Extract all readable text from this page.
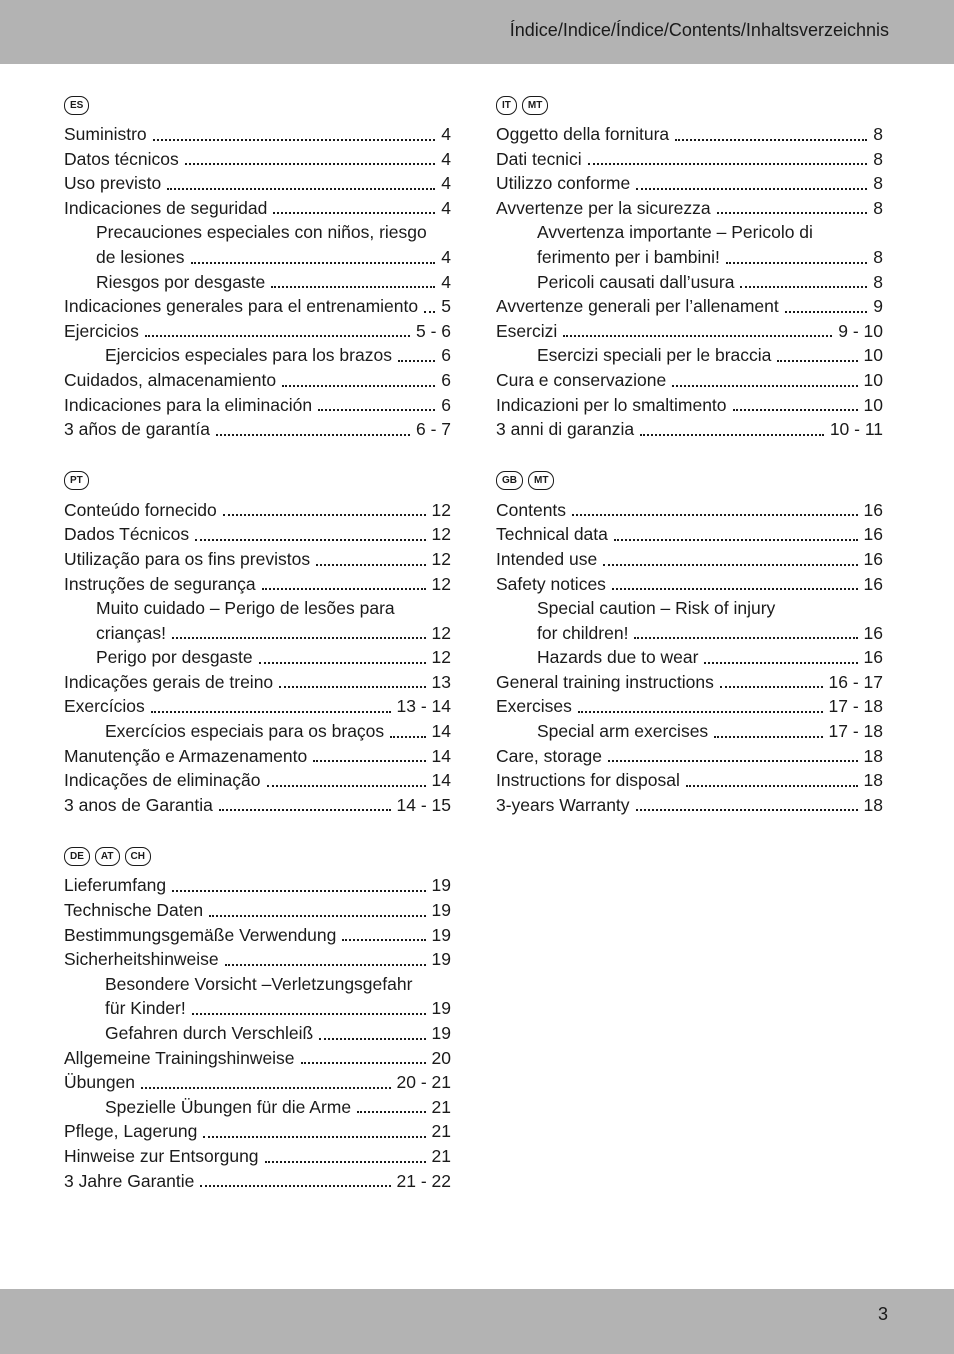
Índice/Indice/Índice/Contents/Inhaltsverzeichnis
ES
Suministro	4
Datos técnicos	4
Uso previsto	4
Indicaciones de seguridad	4
Precauciones especiales con niños, riesgo
de lesiones	4
Riesgos por desgaste	4
Indicaciones generales para el entrenamiento 5
Ejercicios	5 - 6
Ejercicios especiales para los brazos	6
Cuidados, almacenamiento	6
Indicaciones para la eliminación	6
3 años de garantía	6 - 7
PT
Conteúdo fornecido	12
Dados Técnicos	12
Utilização para os fins previstos	12
Instruções de segurança	12
Muito cuidado – Perigo de lesões para
crianças!	12
Perigo por desgaste	12
Indicações gerais de treino	13
Exercícios	13 - 14
Exercícios especiais para os braços	14
Manutenção e Armazenamento	14
Indicações de eliminação	14
3 anos de Garantia	14 - 15
DE	AT	CH
Lieferumfang	19
Technische Daten	19
Bestimmungsgemäße Verwendung	19
Sicherheitshinweise	19
Besondere Vorsicht –Verletzungsgefahr
für Kinder!	19
Gefahren durch Verschleiß	19
Allgemeine Trainingshinweise	20
Übungen	20 - 21
Spezielle Übungen für die Arme	21
Pflege, Lagerung	21
Hinweise zur Entsorgung	21
3 Jahre Garantie	21 - 22
IT	MT
Oggetto della fornitura	8
Dati tecnici	8
Utilizzo conforme	8
Avvertenze per la sicurezza	8
Avvertenza importante – Pericolo di
ferimento per i bambini!	8
Pericoli causati dall’usura	8
Avvertenze generali per l’allenament	9
Esercizi	9 - 10
Esercizi speciali per le braccia	10
Cura e conservazione	10
Indicazioni per lo smaltimento	10
3 anni di garanzia	10 - 11
GB	MT
Contents	16
Technical data	16
Intended use	16
Safety notices	16
Special caution – Risk of injury
for children!	16
Hazards due to wear	16
General training instructions	16 - 17
Exercises	17 - 18
Special arm exercises	17 - 18
Care, storage	18
Instructions for disposal	18
3-years Warranty	18
3
